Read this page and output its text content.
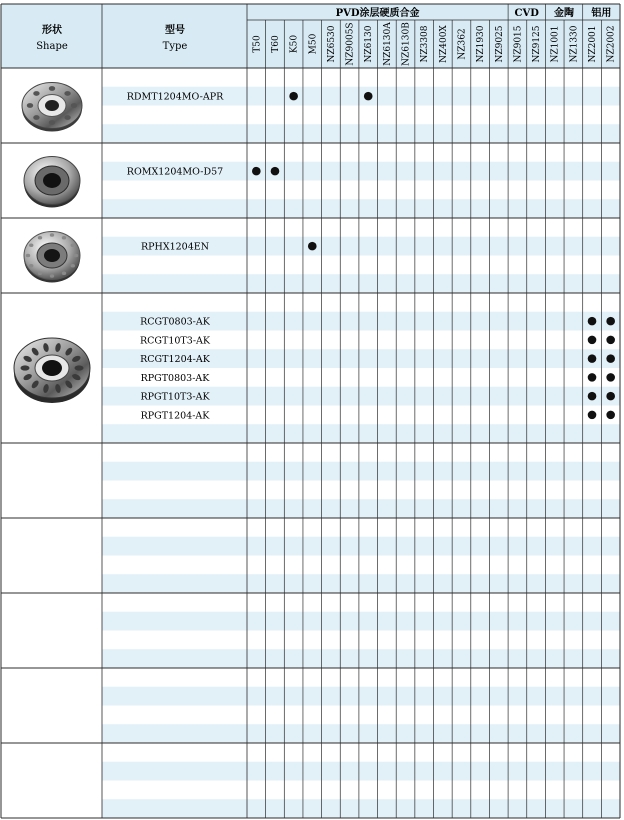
形状
Shape
型号
Type
PVD涂层硬质合金	CVD 金陶 铝用
T50 T60 K50 M50 NZ6530 NZ9005S NZ6130 NZ6130A NZ6130B NZ3308 NZ400X NZ362 NZ1930 NZ9025 NZ9015 NZ9125 NZ1001 NZ1330 NZ2001 NZ2002
RDMT1204MO-APR
ROMX1204MO-D57
RPHX1204EN
RCGT0803-AK
RCGT10T3-AK
RCGT1204-AK
RPGT0803-AK
RPGT10T3-AK
RPGT1204-AK
